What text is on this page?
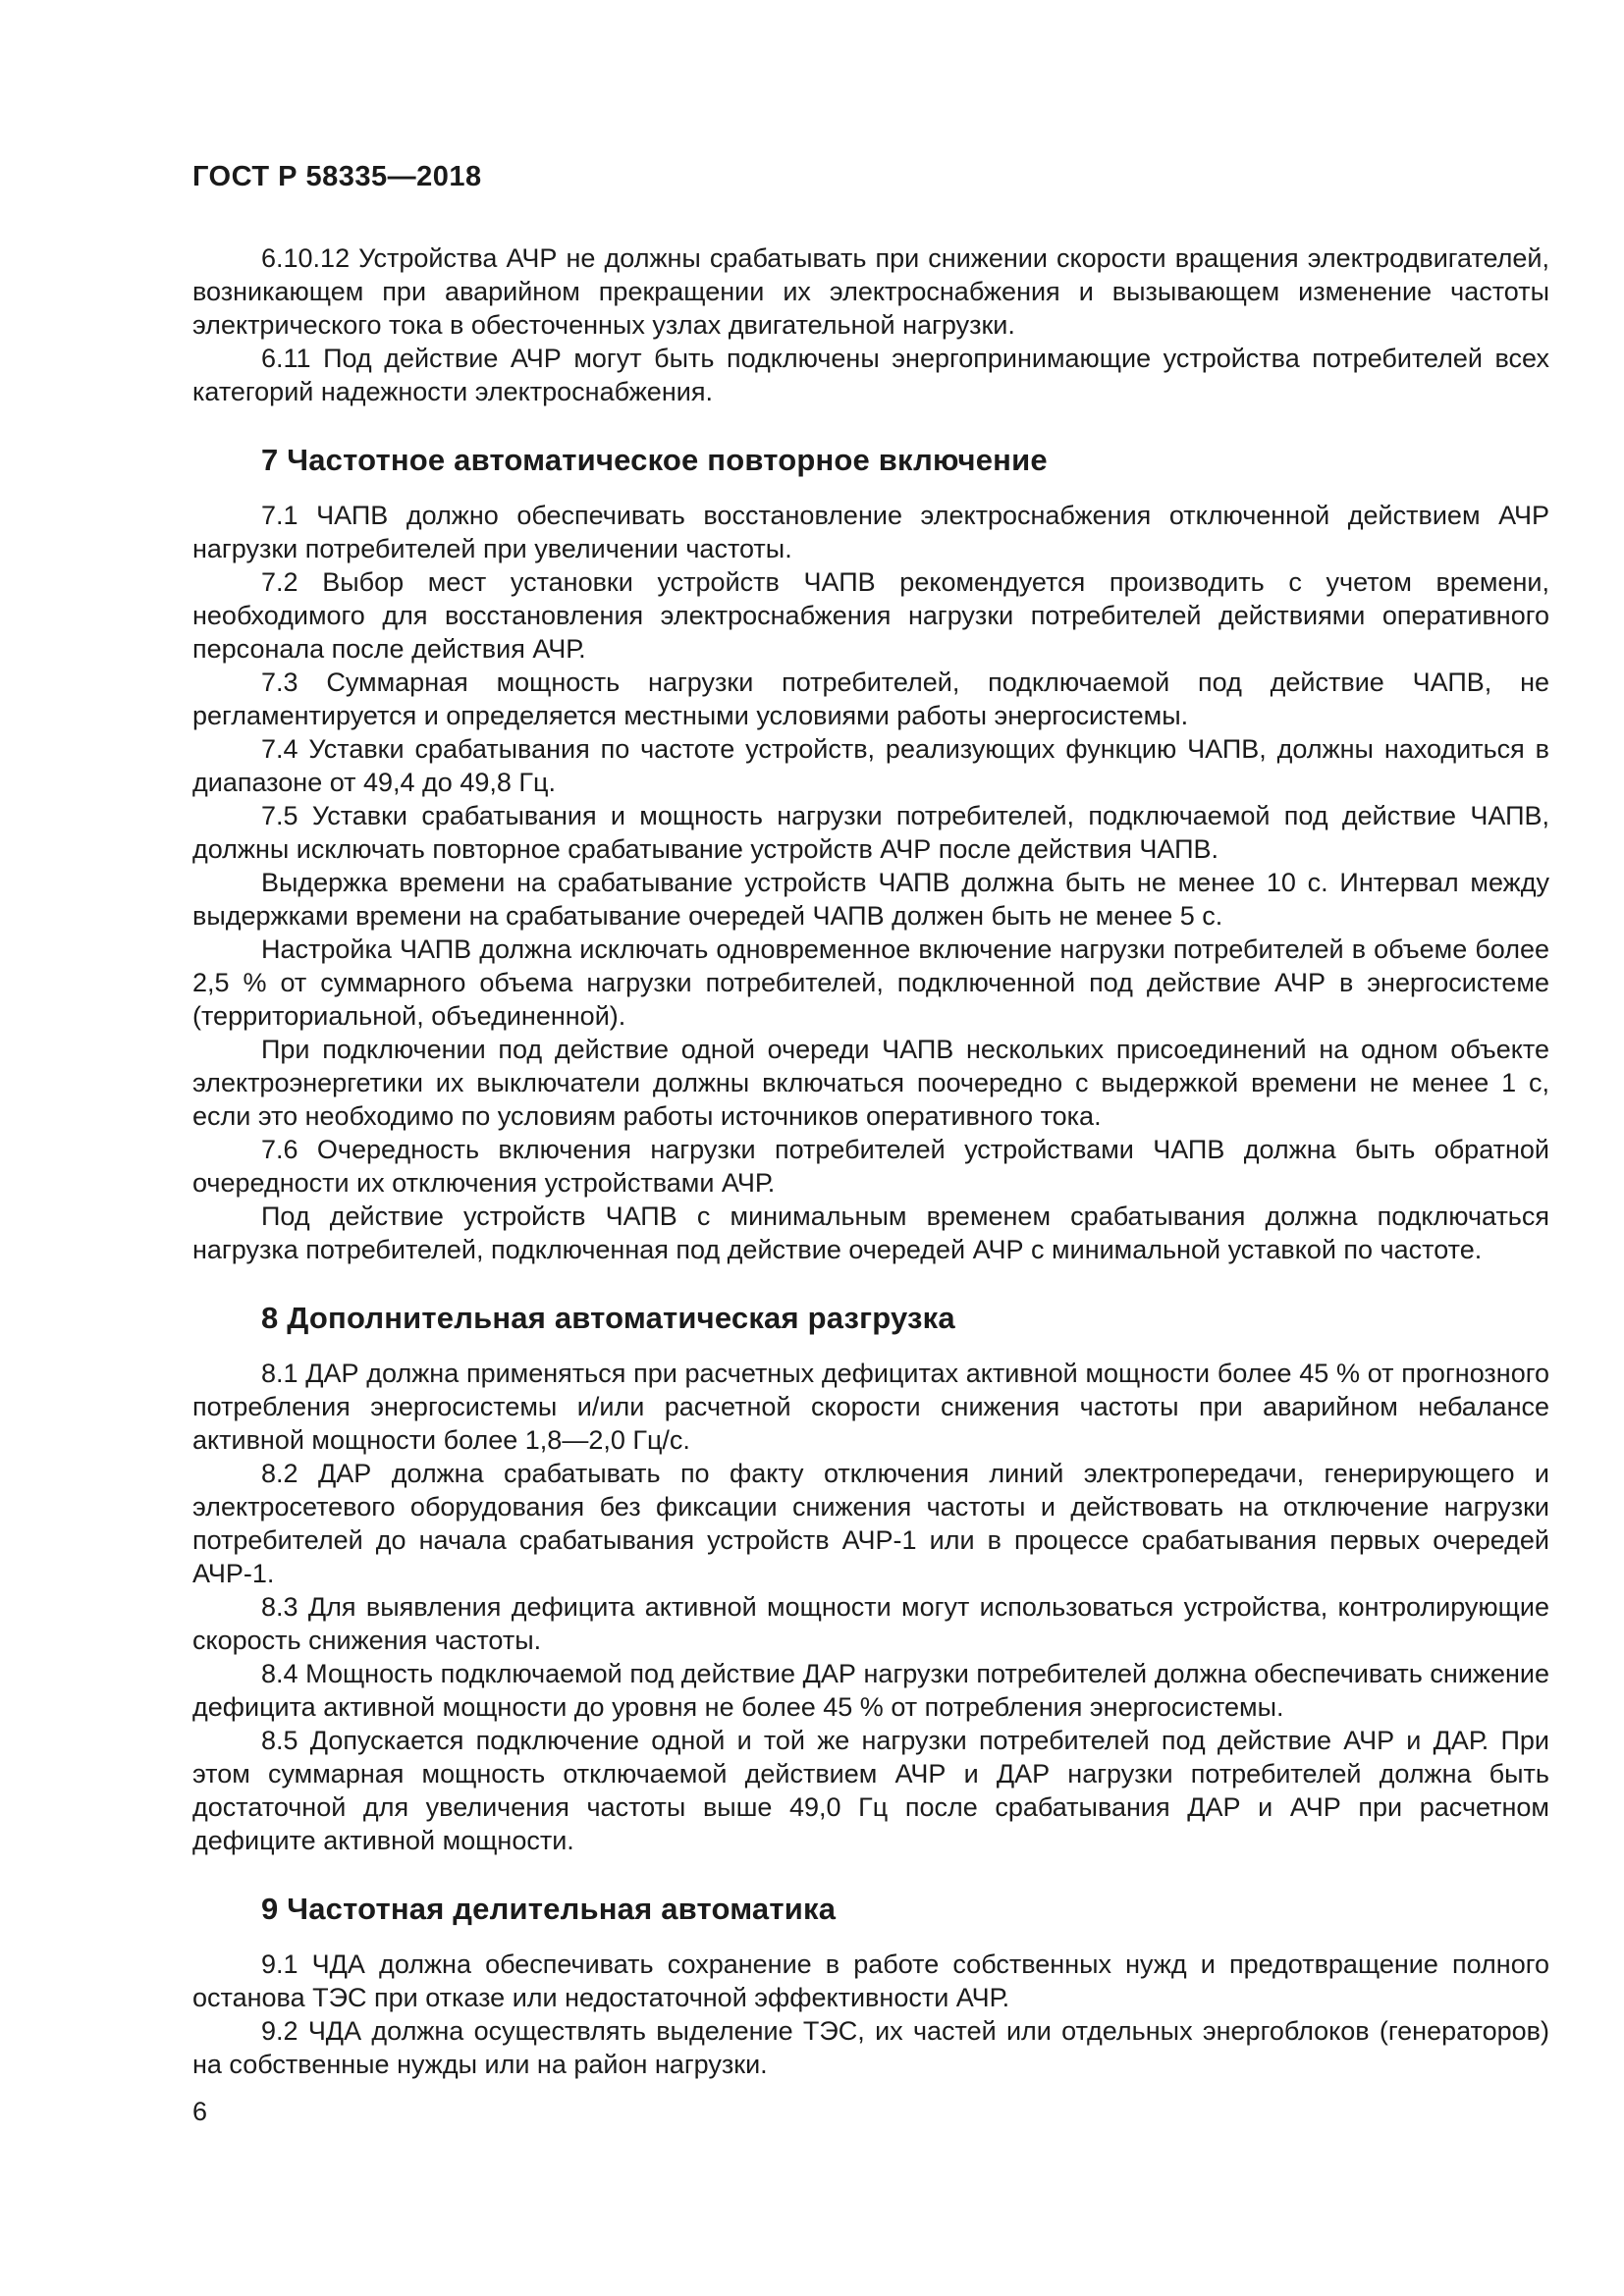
ГОСТ Р 58335—2018

6.10.12 Устройства АЧР не должны срабатывать при снижении скорости вращения электродвигателей, возникающем при аварийном прекращении их электроснабжения и вызывающем изменение частоты электрического тока в обесточенных узлах двигательной нагрузки.

6.11 Под действие АЧР могут быть подключены энергопринимающие устройства потребителей всех категорий надежности электроснабжения.

7 Частотное автоматическое повторное включение

7.1 ЧАПВ должно обеспечивать восстановление электроснабжения отключенной действием АЧР нагрузки потребителей при увеличении частоты.

7.2 Выбор мест установки устройств ЧАПВ рекомендуется производить с учетом времени, необходимого для восстановления электроснабжения нагрузки потребителей действиями оперативного персонала после действия АЧР.

7.3 Суммарная мощность нагрузки потребителей, подключаемой под действие ЧАПВ, не регламентируется и определяется местными условиями работы энергосистемы.

7.4 Уставки срабатывания по частоте устройств, реализующих функцию ЧАПВ, должны находиться в диапазоне от 49,4 до 49,8 Гц.

7.5 Уставки срабатывания и мощность нагрузки потребителей, подключаемой под действие ЧАПВ, должны исключать повторное срабатывание устройств АЧР после действия ЧАПВ.

Выдержка времени на срабатывание устройств ЧАПВ должна быть не менее 10 с. Интервал между выдержками времени на срабатывание очередей ЧАПВ должен быть не менее 5 с.

Настройка ЧАПВ должна исключать одновременное включение нагрузки потребителей в объеме более 2,5 % от суммарного объема нагрузки потребителей, подключенной под действие АЧР в энергосистеме (территориальной, объединенной).

При подключении под действие одной очереди ЧАПВ нескольких присоединений на одном объекте электроэнергетики их выключатели должны включаться поочередно с выдержкой времени не менее 1 с, если это необходимо по условиям работы источников оперативного тока.

7.6 Очередность включения нагрузки потребителей устройствами ЧАПВ должна быть обратной очередности их отключения устройствами АЧР.

Под действие устройств ЧАПВ с минимальным временем срабатывания должна подключаться нагрузка потребителей, подключенная под действие очередей АЧР с минимальной уставкой по частоте.

8 Дополнительная автоматическая разгрузка

8.1 ДАР должна применяться при расчетных дефицитах активной мощности более 45 % от прогнозного потребления энергосистемы и/или расчетной скорости снижения частоты при аварийном небалансе активной мощности более 1,8—2,0 Гц/с.

8.2 ДАР должна срабатывать по факту отключения линий электропередачи, генерирующего и электросетевого оборудования без фиксации снижения частоты и действовать на отключение нагрузки потребителей до начала срабатывания устройств АЧР-1 или в процессе срабатывания первых очередей АЧР-1.

8.3 Для выявления дефицита активной мощности могут использоваться устройства, контролирующие скорость снижения частоты.

8.4 Мощность подключаемой под действие ДАР нагрузки потребителей должна обеспечивать снижение дефицита активной мощности до уровня не более 45 % от потребления энергосистемы.

8.5 Допускается подключение одной и той же нагрузки потребителей под действие АЧР и ДАР. При этом суммарная мощность отключаемой действием АЧР и ДАР нагрузки потребителей должна быть достаточной для увеличения частоты выше 49,0 Гц после срабатывания ДАР и АЧР при расчетном дефиците активной мощности.

9 Частотная делительная автоматика

9.1 ЧДА должна обеспечивать сохранение в работе собственных нужд и предотвращение полного останова ТЭС при отказе или недостаточной эффективности АЧР.

9.2 ЧДА должна осуществлять выделение ТЭС, их частей или отдельных энергоблоков (генераторов) на собственные нужды или на район нагрузки.

6
